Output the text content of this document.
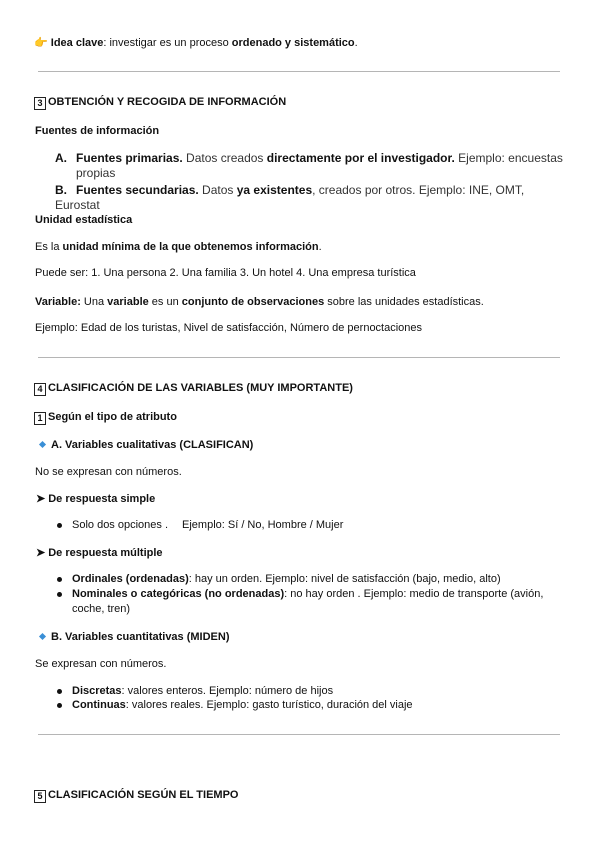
👉 Idea clave: investigar es un proceso ordenado y sistemático.
3 OBTENCIÓN Y RECOGIDA DE INFORMACIÓN
Fuentes de información
A. Fuentes primarias. Datos creados directamente por el investigador. Ejemplo: encuestas
propias
B. Fuentes secundarias. Datos ya existentes, creados por otros. Ejemplo: INE, OMT, Eurostat
Unidad estadística
Es la unidad mínima de la que obtenemos información.
Puede ser: 1. Una persona 2. Una familia 3. Un hotel 4. Una empresa turística
Variable: Una variable es un conjunto de observaciones sobre las unidades estadísticas.
Ejemplo: Edad de los turistas, Nivel de satisfacción, Número de pernoctaciones
4 CLASIFICACIÓN DE LAS VARIABLES (MUY IMPORTANTE)
1 Según el tipo de atributo
A. Variables cualitativas (CLASIFICAN)
No se expresan con números.
➤ De respuesta simple
Solo dos opciones . Ejemplo: Sí / No, Hombre / Mujer
➤ De respuesta múltiple
Ordinales (ordenadas): hay un orden. Ejemplo: nivel de satisfacción (bajo, medio, alto)
Nominales o categóricas (no ordenadas): no hay orden . Ejemplo: medio de transporte (avión,
coche, tren)
B. Variables cuantitativas (MIDEN)
Se expresan con números.
Discretas: valores enteros. Ejemplo: número de hijos
Continuas: valores reales. Ejemplo: gasto turístico, duración del viaje
5 CLASIFICACIÓN SEGÚN EL TIEMPO
